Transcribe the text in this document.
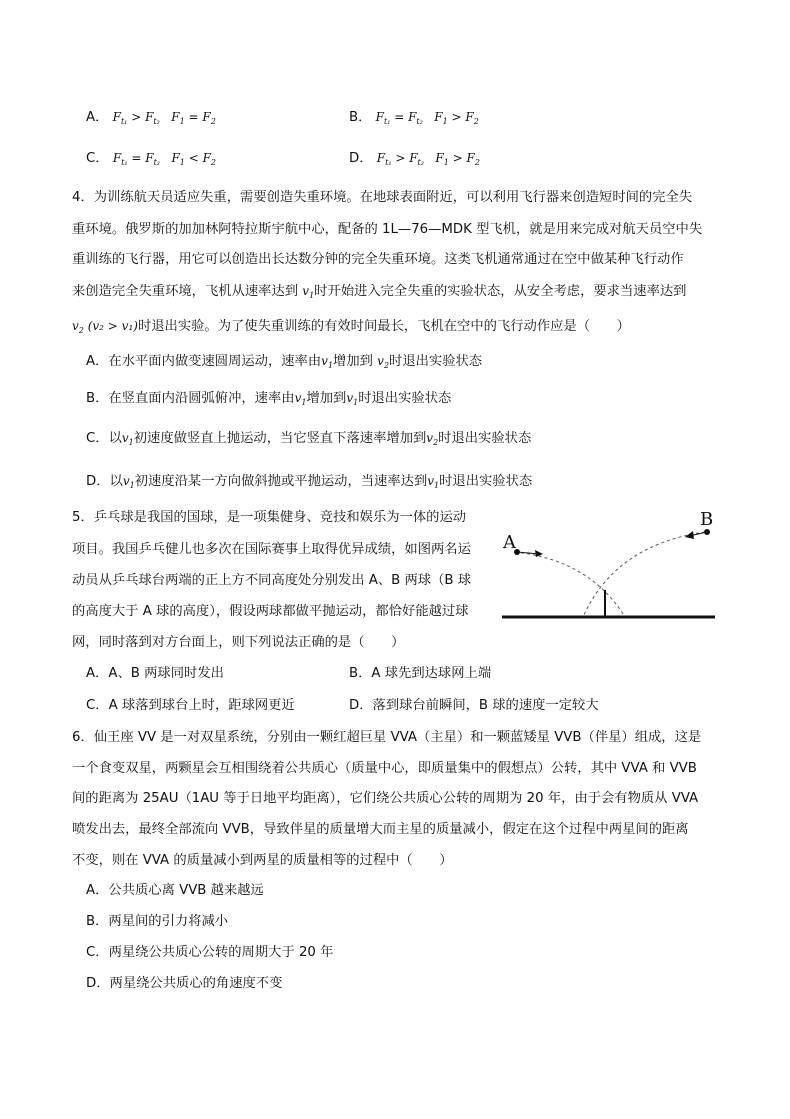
A． $F_{t_1} > F_{t_2}$   $F_1 = F_2$	B． $F_{t_1} = F_{t_2}$   $F_1 > F_2$
C． $F_{t_1} = F_{t_2}$   $F_1 < F_2$	D． $F_{t_1} > F_{t_2}$   $F_1 > F_2$
4．为训练航天员适应失重，需要创造失重环境。在地球表面附近，可以利用飞行器来创造短时间的完全失
重环境。俄罗斯的加加林阿特拉斯宇航中心，配备的 1L—76—MDK 型飞机，就是用来完成对航天员空中失
重训练的飞行器，用它可以创造出长达数分钟的完全失重环境。这类飞机通常通过在空中做某种飞行动作
来创造完全失重环境，飞机从速率达到 $v_1$时开始进入完全失重的实验状态，从安全考虑，要求当速率达到
$v_2$ (v₂ > v₁)时退出实验。为了使失重训练的有效时间最长，飞机在空中的飞行动作应是（　　）
A．在水平面内做变速圆周运动，速率由$v_1$增加到 $v_2$时退出实验状态
B．在竖直面内沿圆弧俯冲，速率由$v_1$增加到$v_1$时退出实验状态
C．以$v_1$初速度做竖直上抛运动，当它竖直下落速率增加到$v_2$时退出实验状态
D．以$v_1$初速度沿某一方向做斜抛或平抛运动，当速率达到$v_1$时退出实验状态
5．乒乓球是我国的国球，是一项集健身、竞技和娱乐为一体的运动
项目。我国乒乓健儿也多次在国际赛事上取得优异成绩，如图两名运
动员从乒乓球台两端的正上方不同高度处分别发出 A、B 两球（B 球
的高度大于 A 球的高度），假设两球都做平抛运动，都恰好能越过球
网，同时落到对方台面上，则下列说法正确的是（　　）
A．A、B 两球同时发出	B．A 球先到达球网上端
C．A 球落到球台上时，距球网更近	D．落到球台前瞬间，B 球的速度一定较大
A
B
6．仙王座 VV 是一对双星系统，分别由一颗红超巨星 VVA（主星）和一颗蓝矮星 VVB（伴星）组成，这是
一个食变双星，两颗星会互相围绕着公共质心（质量中心，即质量集中的假想点）公转，其中 VVA 和 VVB
间的距离为 25AU（1AU 等于日地平均距离），它们绕公共质心公转的周期为 20 年，由于会有物质从 VVA
喷发出去，最终全部流向 VVB，导致伴星的质量增大而主星的质量减小，假定在这个过程中两星间的距离
不变，则在 VVA 的质量减小到两星的质量相等的过程中（　　）
A．公共质心离 VVB 越来越远
B．两星间的引力将减小
C．两星绕公共质心公转的周期大于 20 年
D．两星绕公共质心的角速度不变
